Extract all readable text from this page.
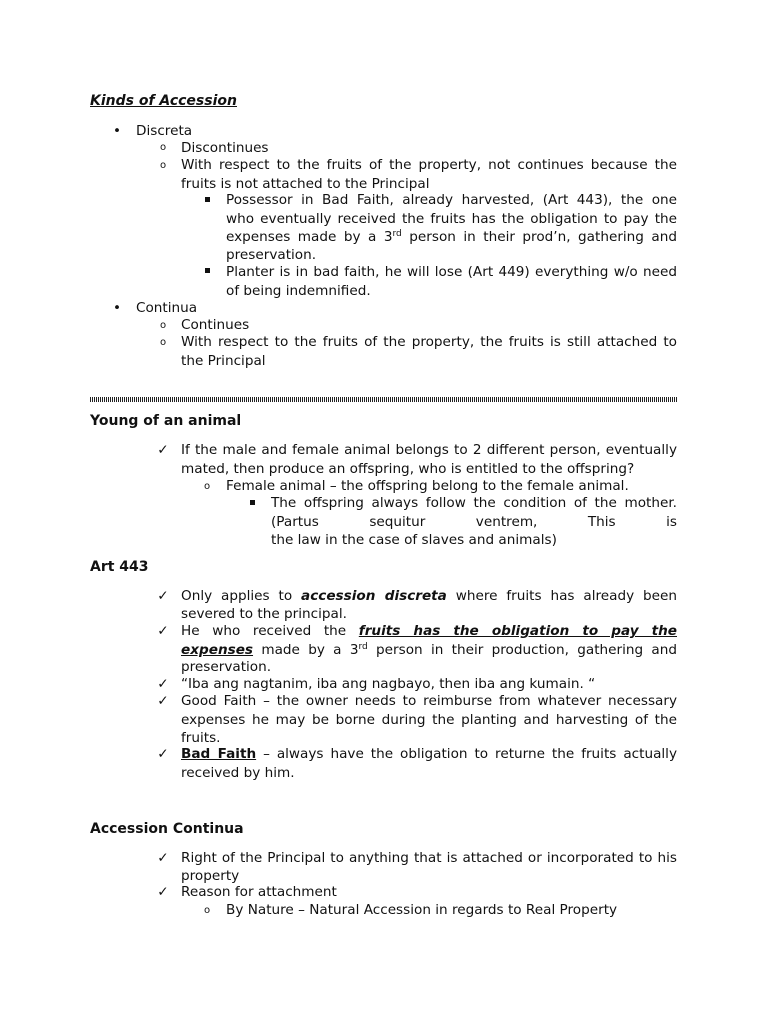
Kinds of Accession
• Discreta
o Discontinues
o With respect to the fruits of the property, not continues because the
fruits is not attached to the Principal
Possessor in Bad Faith, already harvested, (Art 443), the one
who eventually received the fruits has the obligation to pay the
expenses made by a 3rd person in their prod’n, gathering and
preservation.
Planter is in bad faith, he will lose (Art 449) everything w/o need
of being indemnified.
• Continua
o Continues
o With respect to the fruits of the property, the fruits is still attached to
the Principal
Young of an animal
✓ If the male and female animal belongs to 2 different person, eventually
mated, then produce an offspring, who is entitled to the offspring?
o Female animal – the offspring belong to the female animal.
The offspring always follow the condition of the mother.
(Partus sequitur ventrem, This is
the law in the case of slaves and animals)
Art 443
✓ Only applies to accession discreta where fruits has already been
severed to the principal.
✓ He who received the fruits has the obligation to pay the
expenses made by a 3rd person in their production, gathering and
preservation.
✓ “Iba ang nagtanim, iba ang nagbayo, then iba ang kumain. “
✓ Good Faith – the owner needs to reimburse from whatever necessary
expenses he may be borne during the planting and harvesting of the
fruits.
✓ Bad Faith – always have the obligation to returne the fruits actually
received by him.
Accession Continua
✓ Right of the Principal to anything that is attached or incorporated to his
property
✓ Reason for attachment
o By Nature – Natural Accession in regards to Real Property
